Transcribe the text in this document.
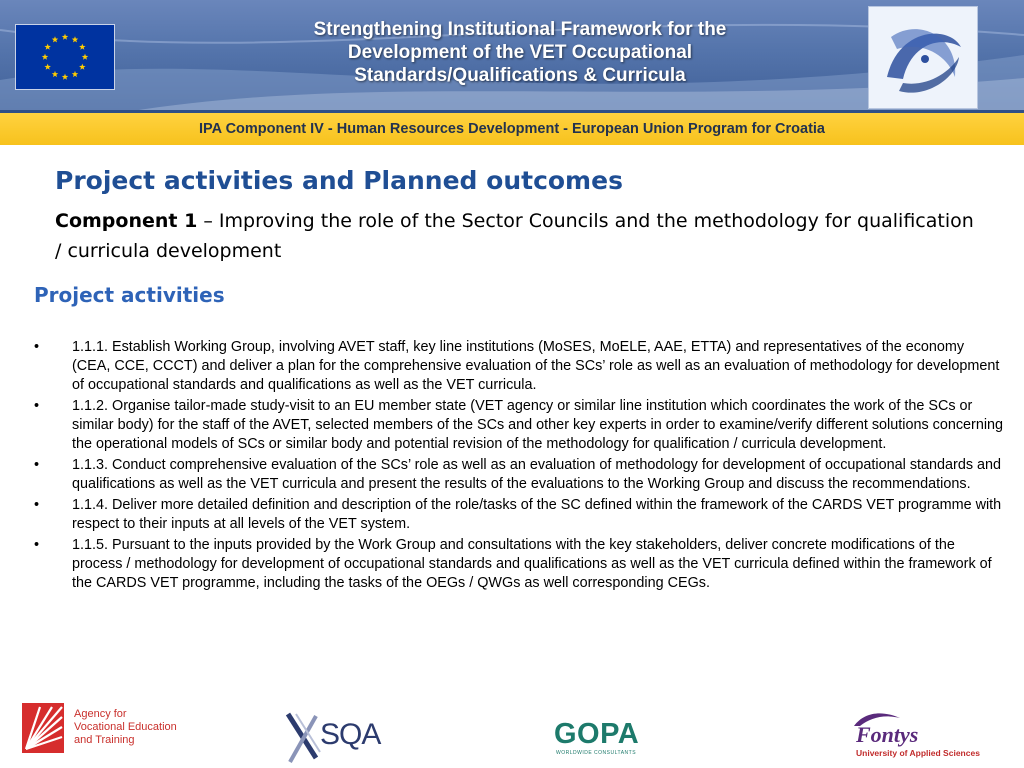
Strengthening Institutional Framework for the
Development of the VET Occupational
Standards/Qualifications & Curricula
IPA Component IV - Human Resources Development - European Union Program for Croatia
Project activities and Planned outcomes
Component 1 – Improving the role of the Sector Councils and the methodology for qualification / curricula development
Project activities
•	1.1.1. Establish Working Group, involving AVET staff, key line institutions (MoSES, MoELE, AAE, ETTA) and representatives of the economy (CEA, CCE, CCCT) and deliver a plan for the comprehensive evaluation of the SCs’ role as well as an evaluation of methodology for development of occupational standards and qualifications as well as the VET curricula.
•	1.1.2. Organise tailor-made study-visit to an EU member state (VET agency or similar line institution which coordinates the work of the SCs or similar body) for the staff of the AVET, selected members of the SCs and other key experts in order to examine/verify different solutions concerning the operational models of SCs or similar body and potential revision of the methodology for qualification / curricula development.
•	1.1.3. Conduct comprehensive evaluation of the SCs’ role as well as an evaluation of methodology for development of occupational standards and qualifications as well as the VET curricula and present the results of the evaluations to the Working Group and discuss the recommendations.
•	1.1.4. Deliver more detailed definition and description of the role/tasks of the SC defined within the framework of the CARDS VET programme with respect to their inputs at all levels of the VET system.
•	1.1.5. Pursuant to the inputs provided by the Work Group and consultations with the key stakeholders, deliver concrete modifications of the process / methodology for development of occupational standards and qualifications as well as the VET curricula defined within the framework of the CARDS VET programme, including the tasks of the OEGs / QWGs as well corresponding CEGs.
Agency for
Vocational Education
and Training	SQA	GOPA
WORLDWIDE CONSULTANTS
Fontys
University of Applied Sciences
